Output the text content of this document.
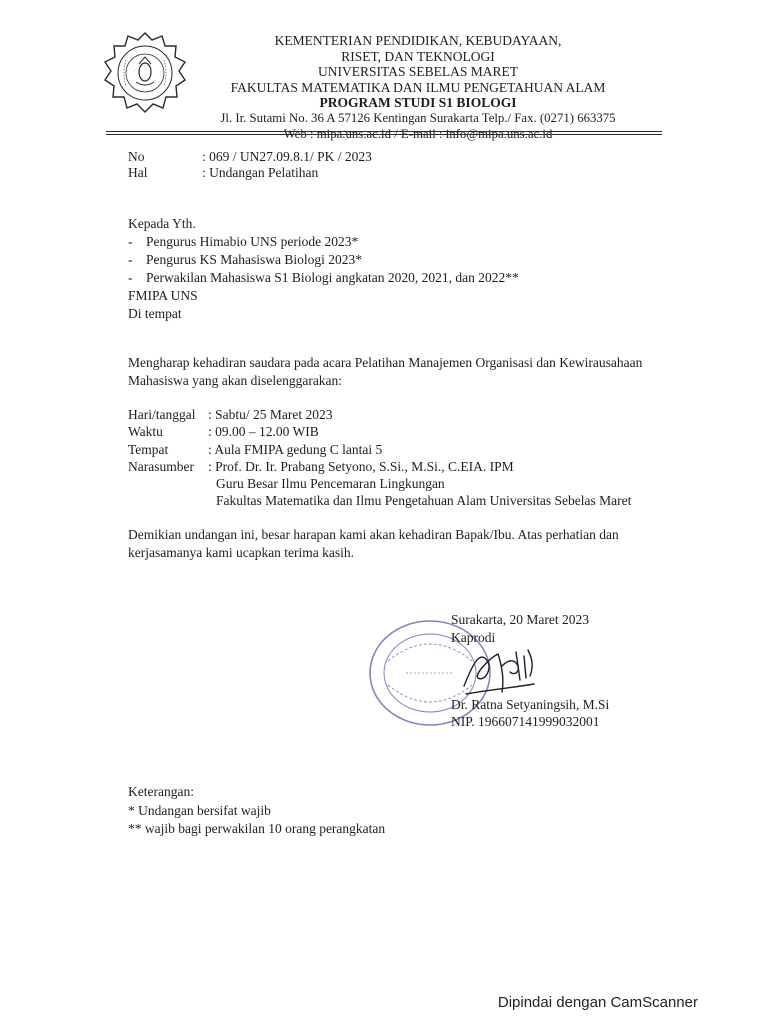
KEMENTERIAN PENDIDIKAN, KEBUDAYAAN,
RISET, DAN TEKNOLOGI
UNIVERSITAS SEBELAS MARET
FAKULTAS MATEMATIKA DAN ILMU PENGETAHUAN ALAM
PROGRAM STUDI S1 BIOLOGI
Jl. Ir. Sutami No. 36 A 57126 Kentingan Surakarta Telp./ Fax. (0271) 663375
Web : mipa.uns.ac.id / E-mail : info@mipa.uns.ac.id
No	: 069 / UN27.09.8.1/ PK / 2023
Hal	: Undangan Pelatihan
Kepada Yth.
- Pengurus Himabio UNS periode 2023*
- Pengurus KS Mahasiswa Biologi 2023*
- Perwakilan Mahasiswa S1 Biologi angkatan 2020, 2021, dan 2022**
FMIPA UNS
Di tempat
Mengharap kehadiran saudara pada acara Pelatihan Manajemen Organisasi dan Kewirausahaan
Mahasiswa yang akan diselenggarakan:
Hari/tanggal : Sabtu/ 25 Maret 2023
Waktu	: 09.00 – 12.00 WIB
Tempat	: Aula FMIPA gedung C lantai 5
Narasumber : Prof. Dr. Ir. Prabang Setyono, S.Si., M.Si., C.EIA. IPM
Guru Besar Ilmu Pencemaran Lingkungan
Fakultas Matematika dan Ilmu Pengetahuan Alam Universitas Sebelas Maret
Demikian undangan ini, besar harapan kami akan kehadiran Bapak/Ibu. Atas perhatian dan
kerjasamanya kami ucapkan terima kasih.
Surakarta, 20 Maret 2023
Kaprodi
Dr. Ratna Setyaningsih, M.Si
NIP. 196607141999032001
Keterangan:
* Undangan bersifat wajib
** wajib bagi perwakilan 10 orang perangkatan
Dipindai dengan CamScanner
